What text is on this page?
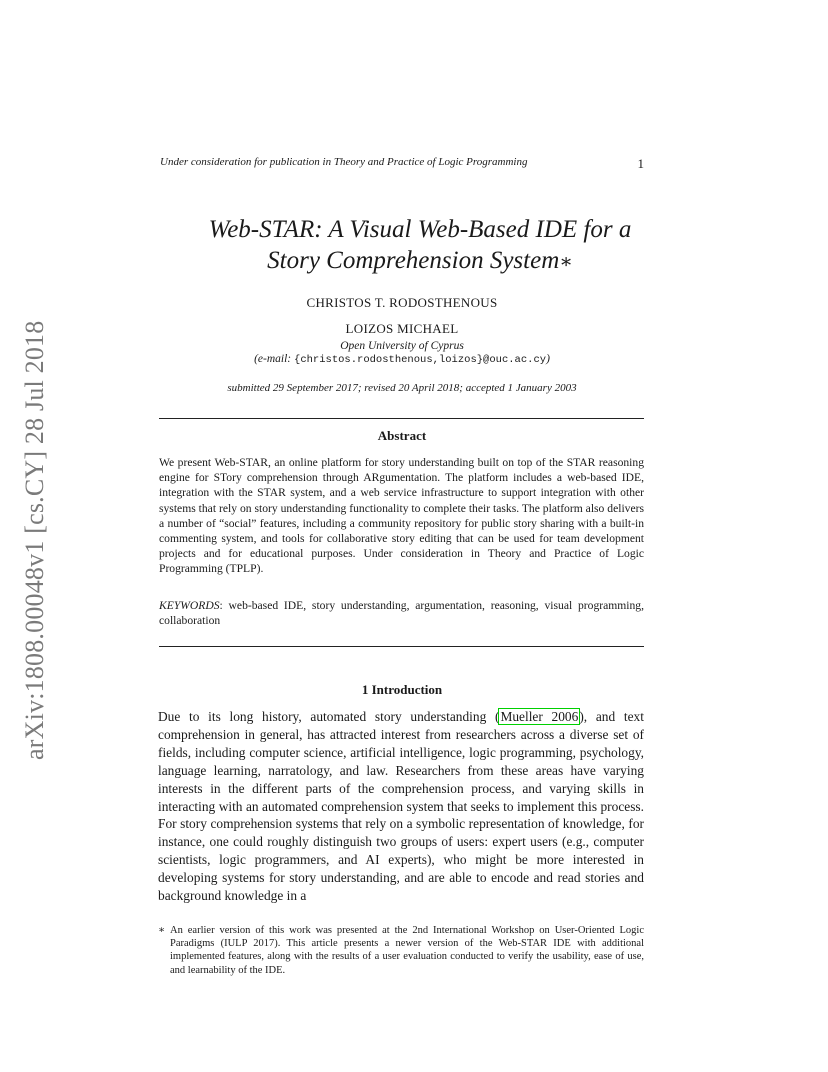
Under consideration for publication in Theory and Practice of Logic Programming	1
arXiv:1808.00048v1 [cs.CY] 28 Jul 2018
Web-STAR: A Visual Web-Based IDE for a
Story Comprehension System∗
CHRISTOS T. RODOSTHENOUS
LOIZOS MICHAEL
Open University of Cyprus
(e-mail: {christos.rodosthenous,loizos}@ouc.ac.cy)
submitted 29 September 2017; revised 20 April 2018; accepted 1 January 2003
Abstract
We present Web-STAR, an online platform for story understanding built on top of the STAR reasoning engine for STory comprehension through ARgumentation. The platform includes a web-based IDE, integration with the STAR system, and a web service infrastructure to support integration with other systems that rely on story understanding functionality to complete their tasks. The platform also delivers a number of “social” features, including a community repository for public story sharing with a built-in commenting system, and tools for collaborative story editing that can be used for team development projects and for educational purposes. Under consideration in Theory and Practice of Logic Programming (TPLP).
KEYWORDS: web-based IDE, story understanding, argumentation, reasoning, visual programming, collaboration
1 Introduction
Due to its long history, automated story understanding (Mueller 2006), and text comprehension in general, has attracted interest from researchers across a diverse set of fields, including computer science, artificial intelligence, logic programming, psychology, language learning, narratology, and law. Researchers from these areas have varying interests in the different parts of the comprehension process, and varying skills in interacting with an automated comprehension system that seeks to implement this process. For story comprehension systems that rely on a symbolic representation of knowledge, for instance, one could roughly distinguish two groups of users: expert users (e.g., computer scientists, logic programmers, and AI experts), who might be more interested in developing systems for story understanding, and are able to encode and read stories and background knowledge in a
∗ An earlier version of this work was presented at the 2nd International Workshop on User-Oriented Logic Paradigms (IULP 2017). This article presents a newer version of the Web-STAR IDE with additional implemented features, along with the results of a user evaluation conducted to verify the usability, ease of use, and learnability of the IDE.
